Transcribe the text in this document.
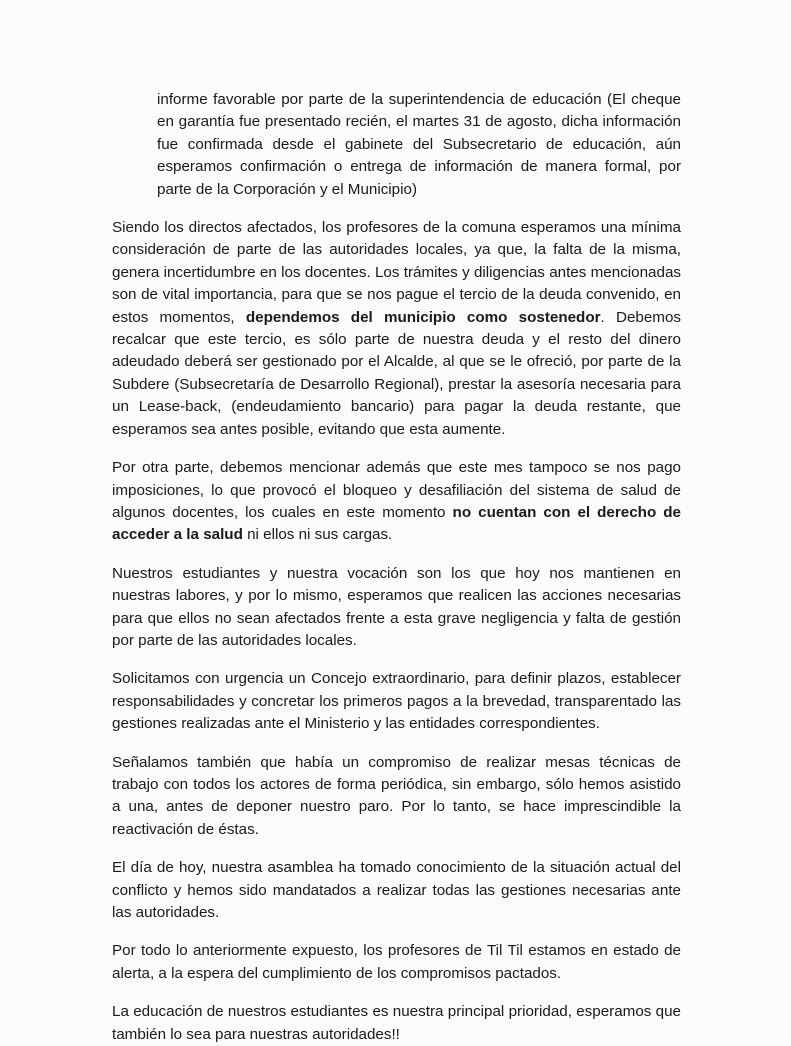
informe favorable por parte de la superintendencia de educación (El cheque en garantía fue presentado recién, el martes 31 de agosto, dicha información fue confirmada desde el gabinete del Subsecretario de educación, aún esperamos confirmación o entrega de información de manera formal, por parte de la Corporación y el Municipio)

Siendo los directos afectados, los profesores de la comuna esperamos una mínima consideración de parte de las autoridades locales, ya que, la falta de la misma, genera incertidumbre en los docentes. Los trámites y diligencias antes mencionadas son de vital importancia, para que se nos pague el tercio de la deuda convenido, en estos momentos, dependemos del municipio como sostenedor. Debemos recalcar que este tercio, es sólo parte de nuestra deuda y el resto del dinero adeudado deberá ser gestionado por el Alcalde, al que se le ofreció, por parte de la Subdere (Subsecretaría de Desarrollo Regional), prestar la asesoría necesaria para un Lease-back, (endeudamiento bancario) para pagar la deuda restante, que esperamos sea antes posible, evitando que esta aumente.

Por otra parte, debemos mencionar además que este mes tampoco se nos pago imposiciones, lo que provocó el bloqueo y desafiliación del sistema de salud de algunos docentes, los cuales en este momento no cuentan con el derecho de acceder a la salud ni ellos ni sus cargas.

Nuestros estudiantes y nuestra vocación son los que hoy nos mantienen en nuestras labores, y por lo mismo, esperamos que realicen las acciones necesarias para que ellos no sean afectados frente a esta grave negligencia y falta de gestión por parte de las autoridades locales.

Solicitamos con urgencia un Concejo extraordinario, para definir plazos, establecer responsabilidades y concretar los primeros pagos a la brevedad, transparentado las gestiones realizadas ante el Ministerio y las entidades correspondientes.

Señalamos también que había un compromiso de realizar mesas técnicas de trabajo con todos los actores de forma periódica, sin embargo, sólo hemos asistido a una, antes de deponer nuestro paro. Por lo tanto, se hace imprescindible la reactivación de éstas.

El día de hoy, nuestra asamblea ha tomado conocimiento de la situación actual del conflicto y hemos sido mandatados a realizar todas las gestiones necesarias ante las autoridades.

Por todo lo anteriormente expuesto, los profesores de Til Til estamos en estado de alerta, a la espera del cumplimiento de los compromisos pactados.

La educación de nuestros estudiantes es nuestra principal prioridad, esperamos que también lo sea para nuestras autoridades!!
